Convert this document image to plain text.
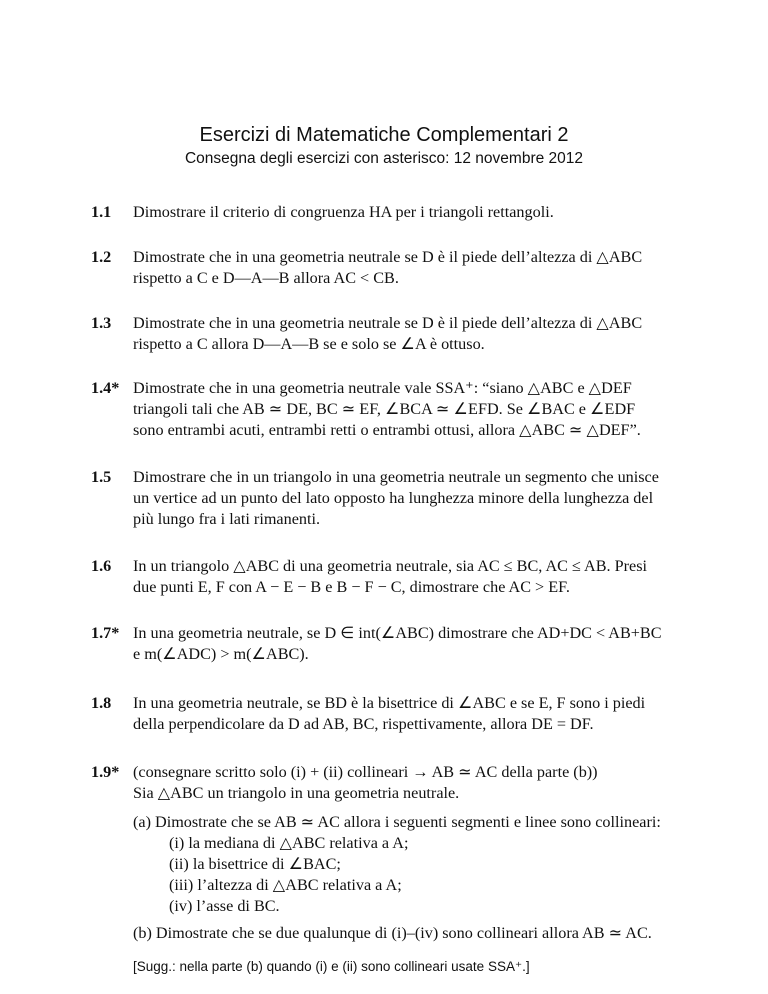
Esercizi di Matematiche Complementari 2
Consegna degli esercizi con asterisco: 12 novembre 2012
1.1 Dimostrare il criterio di congruenza HA per i triangoli rettangoli.
1.2 Dimostrate che in una geometria neutrale se D è il piede dell’altezza di △ABC
rispetto a C e D—A—B allora AC < CB.
1.3 Dimostrate che in una geometria neutrale se D è il piede dell’altezza di △ABC
rispetto a C allora D—A—B se e solo se ∠A è ottuso.
1.4* Dimostrate che in una geometria neutrale vale SSA⁺: “siano △ABC e △DEF
triangoli tali che AB ≃ DE, BC ≃ EF, ∠BCA ≃ ∠EFD. Se ∠BAC e ∠EDF
sono entrambi acuti, entrambi retti o entrambi ottusi, allora △ABC ≃ △DEF”.
1.5 Dimostrare che in un triangolo in una geometria neutrale un segmento che unisce
un vertice ad un punto del lato opposto ha lunghezza minore della lunghezza del
più lungo fra i lati rimanenti.
1.6 In un triangolo △ABC di una geometria neutrale, sia AC ≤ BC, AC ≤ AB. Presi
due punti E, F con A − E − B e B − F − C, dimostrare che AC > EF.
1.7* In una geometria neutrale, se D ∈ int(∠ABC) dimostrare che AD+DC < AB+BC
e m(∠ADC) > m(∠ABC).
1.8 In una geometria neutrale, se BD è la bisettrice di ∠ABC e se E, F sono i piedi
della perpendicolare da D ad AB, BC, rispettivamente, allora DE = DF.
1.9* (consegnare scritto solo (i) + (ii) collineari → AB ≃ AC della parte (b))
Sia △ABC un triangolo in una geometria neutrale.
(a) Dimostrate che se AB ≃ AC allora i seguenti segmenti e linee sono collineari:
(i) la mediana di △ABC relativa a A;
(ii) la bisettrice di ∠BAC;
(iii) l’altezza di △ABC relativa a A;
(iv) l’asse di BC.
(b) Dimostrate che se due qualunque di (i)–(iv) sono collineari allora AB ≃ AC.
[Sugg.: nella parte (b) quando (i) e (ii) sono collineari usate SSA⁺.]
